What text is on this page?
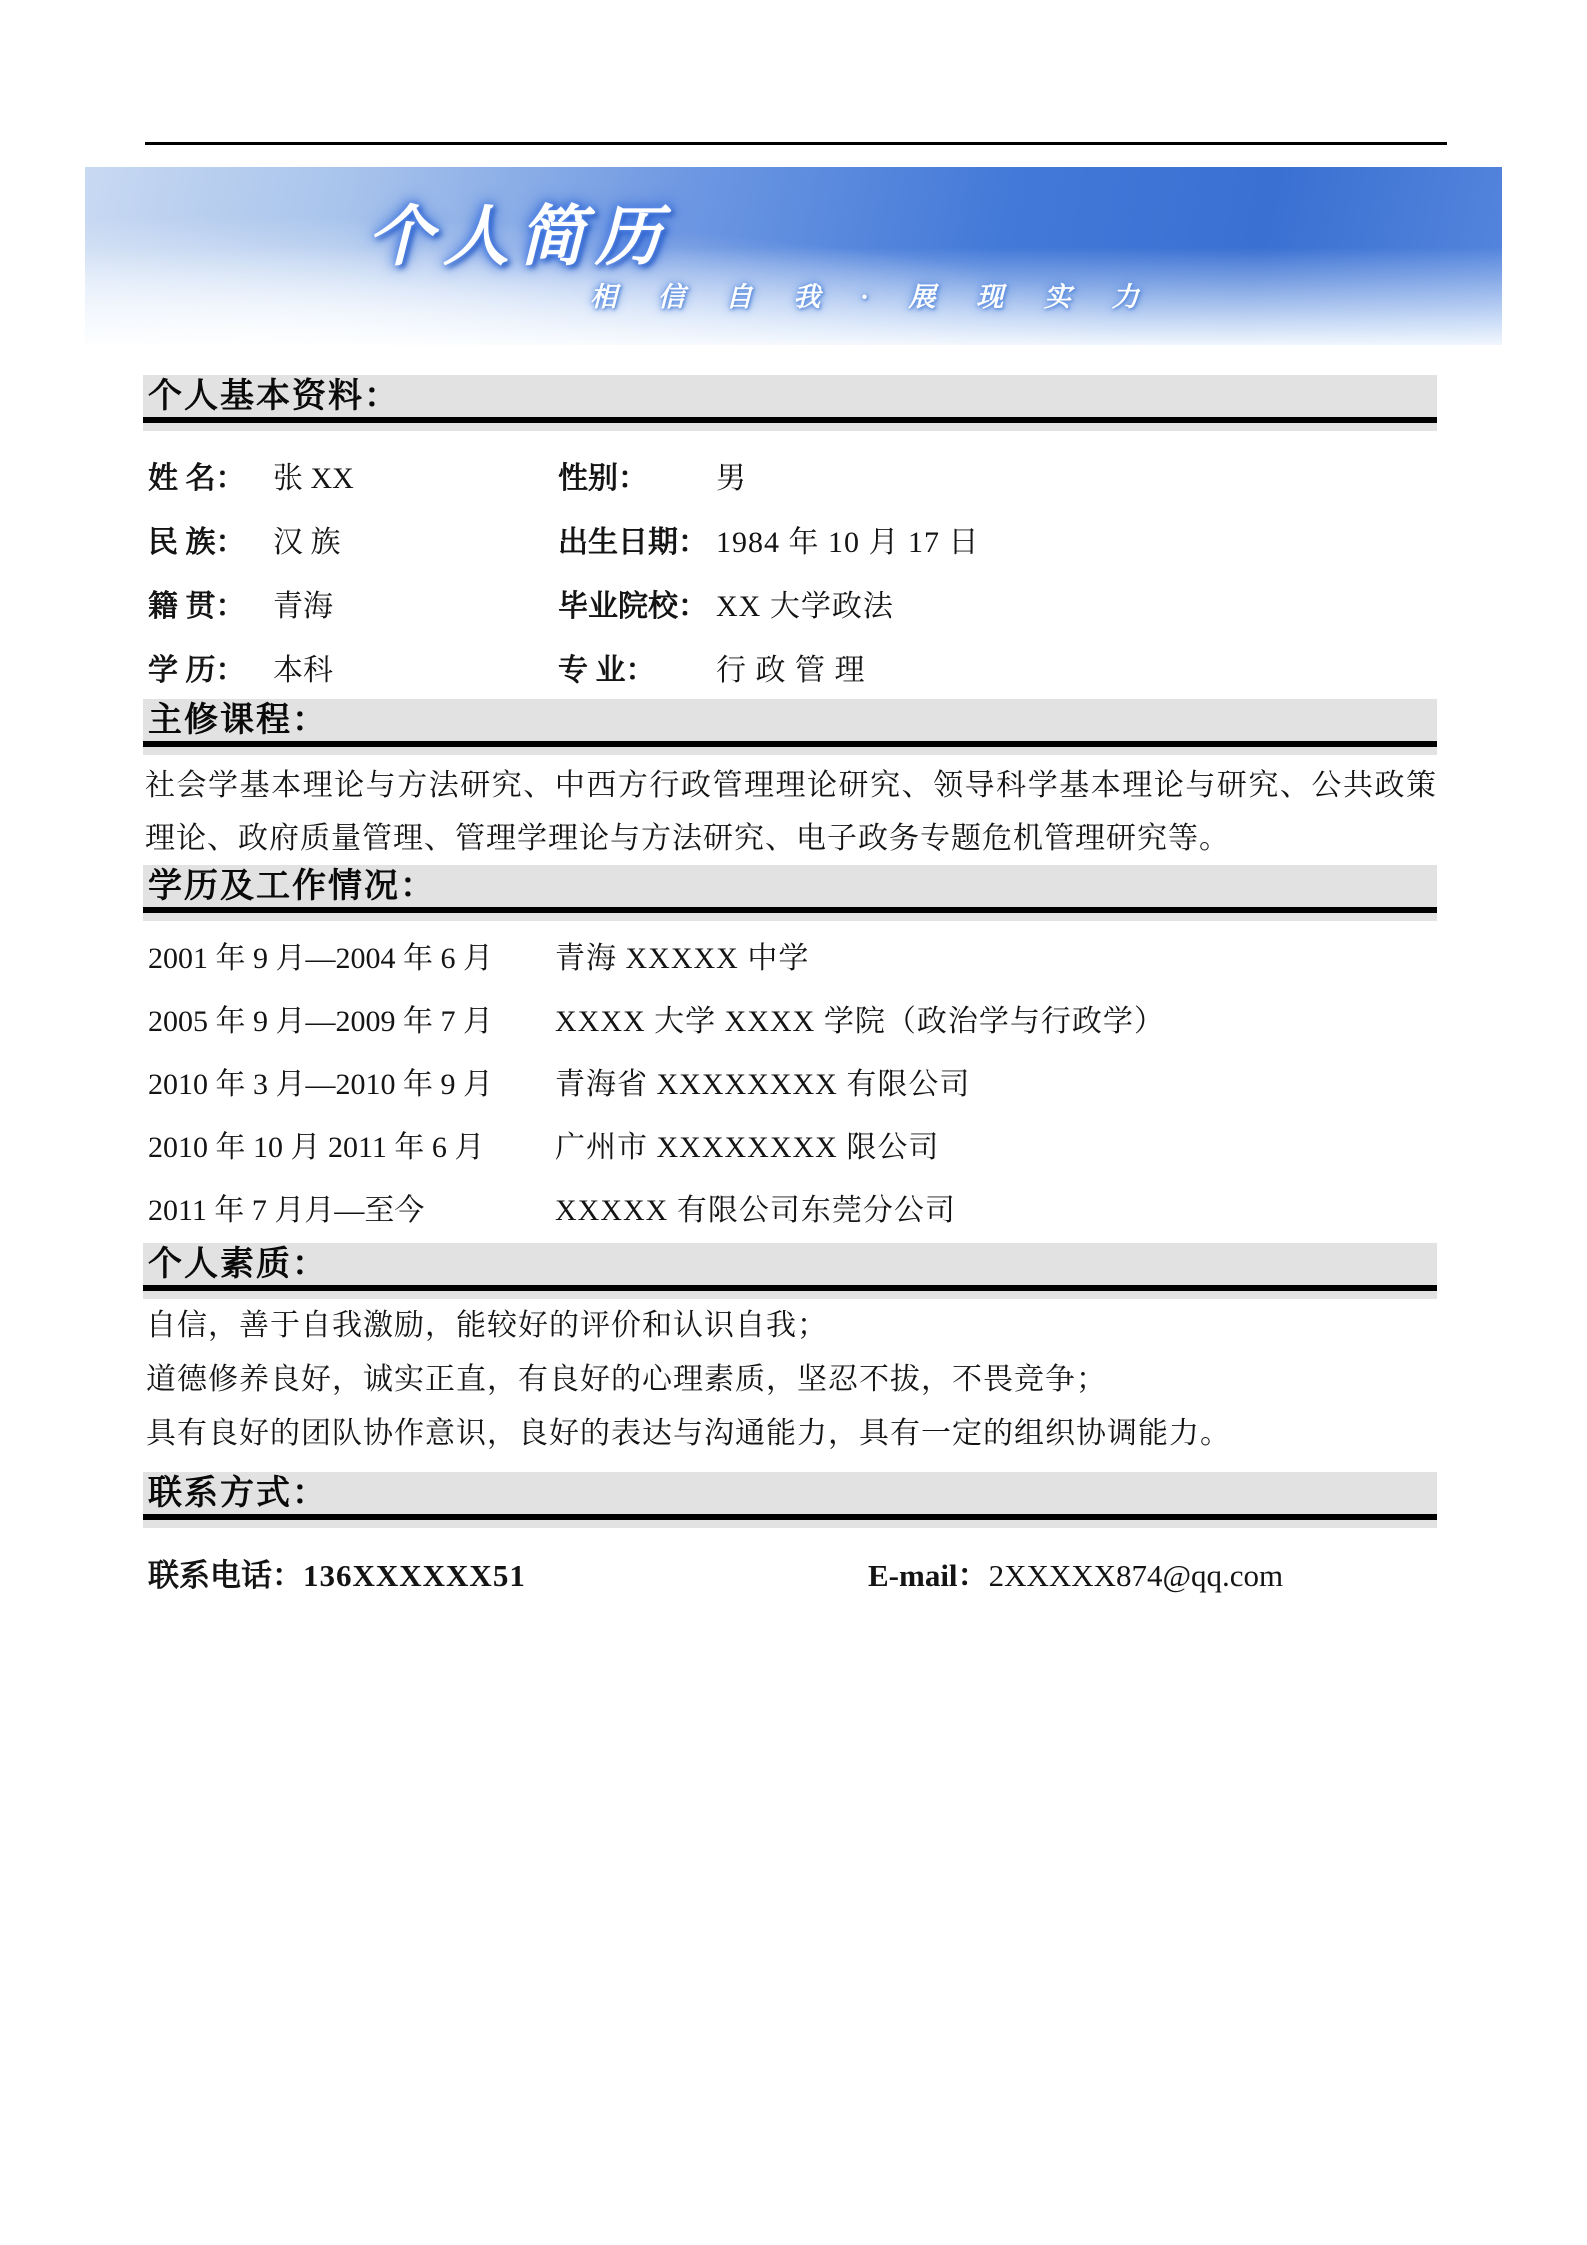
个人简历
相 信 自 我 · 展 现 实 力
个人基本资料：
姓 名： 张 XX	性别：	男
民 族： 汉 族	出生日期： 1984 年 10 月 17 日
籍 贯： 青海	毕业院校： XX 大学政法
学 历： 本科	专 业：	行 政 管 理
主修课程：

社会学基本理论与方法研究、中西方行政管理理论研究、领导科学基本理论与研究、公共政策理论、政府质量管理、管理学理论与方法研究、电子政务专题危机管理研究等。

学历及工作情况：
2001 年 9 月—2004 年 6 月	青海 XXXXX 中学
2005 年 9 月—2009 年 7 月	XXXX 大学 XXXX 学院（政治学与行政学）
2010 年 3 月—2010 年 9 月	青海省 XXXXXXXX 有限公司
2010 年 10 月 2011 年 6 月	广州市 XXXXXXXX 限公司
2011 年 7 月月—至今	XXXXX 有限公司东莞分公司
个人素质：
自信，善于自我激励，能较好的评价和认识自我；
道德修养良好，诚实正直，有良好的心理素质，坚忍不拔，不畏竞争；
具有良好的团队协作意识，良好的表达与沟通能力，具有一定的组织协调能力。
联系方式：
联系电话：136XXXXXX51	E-mail：2XXXXX874@qq.com
